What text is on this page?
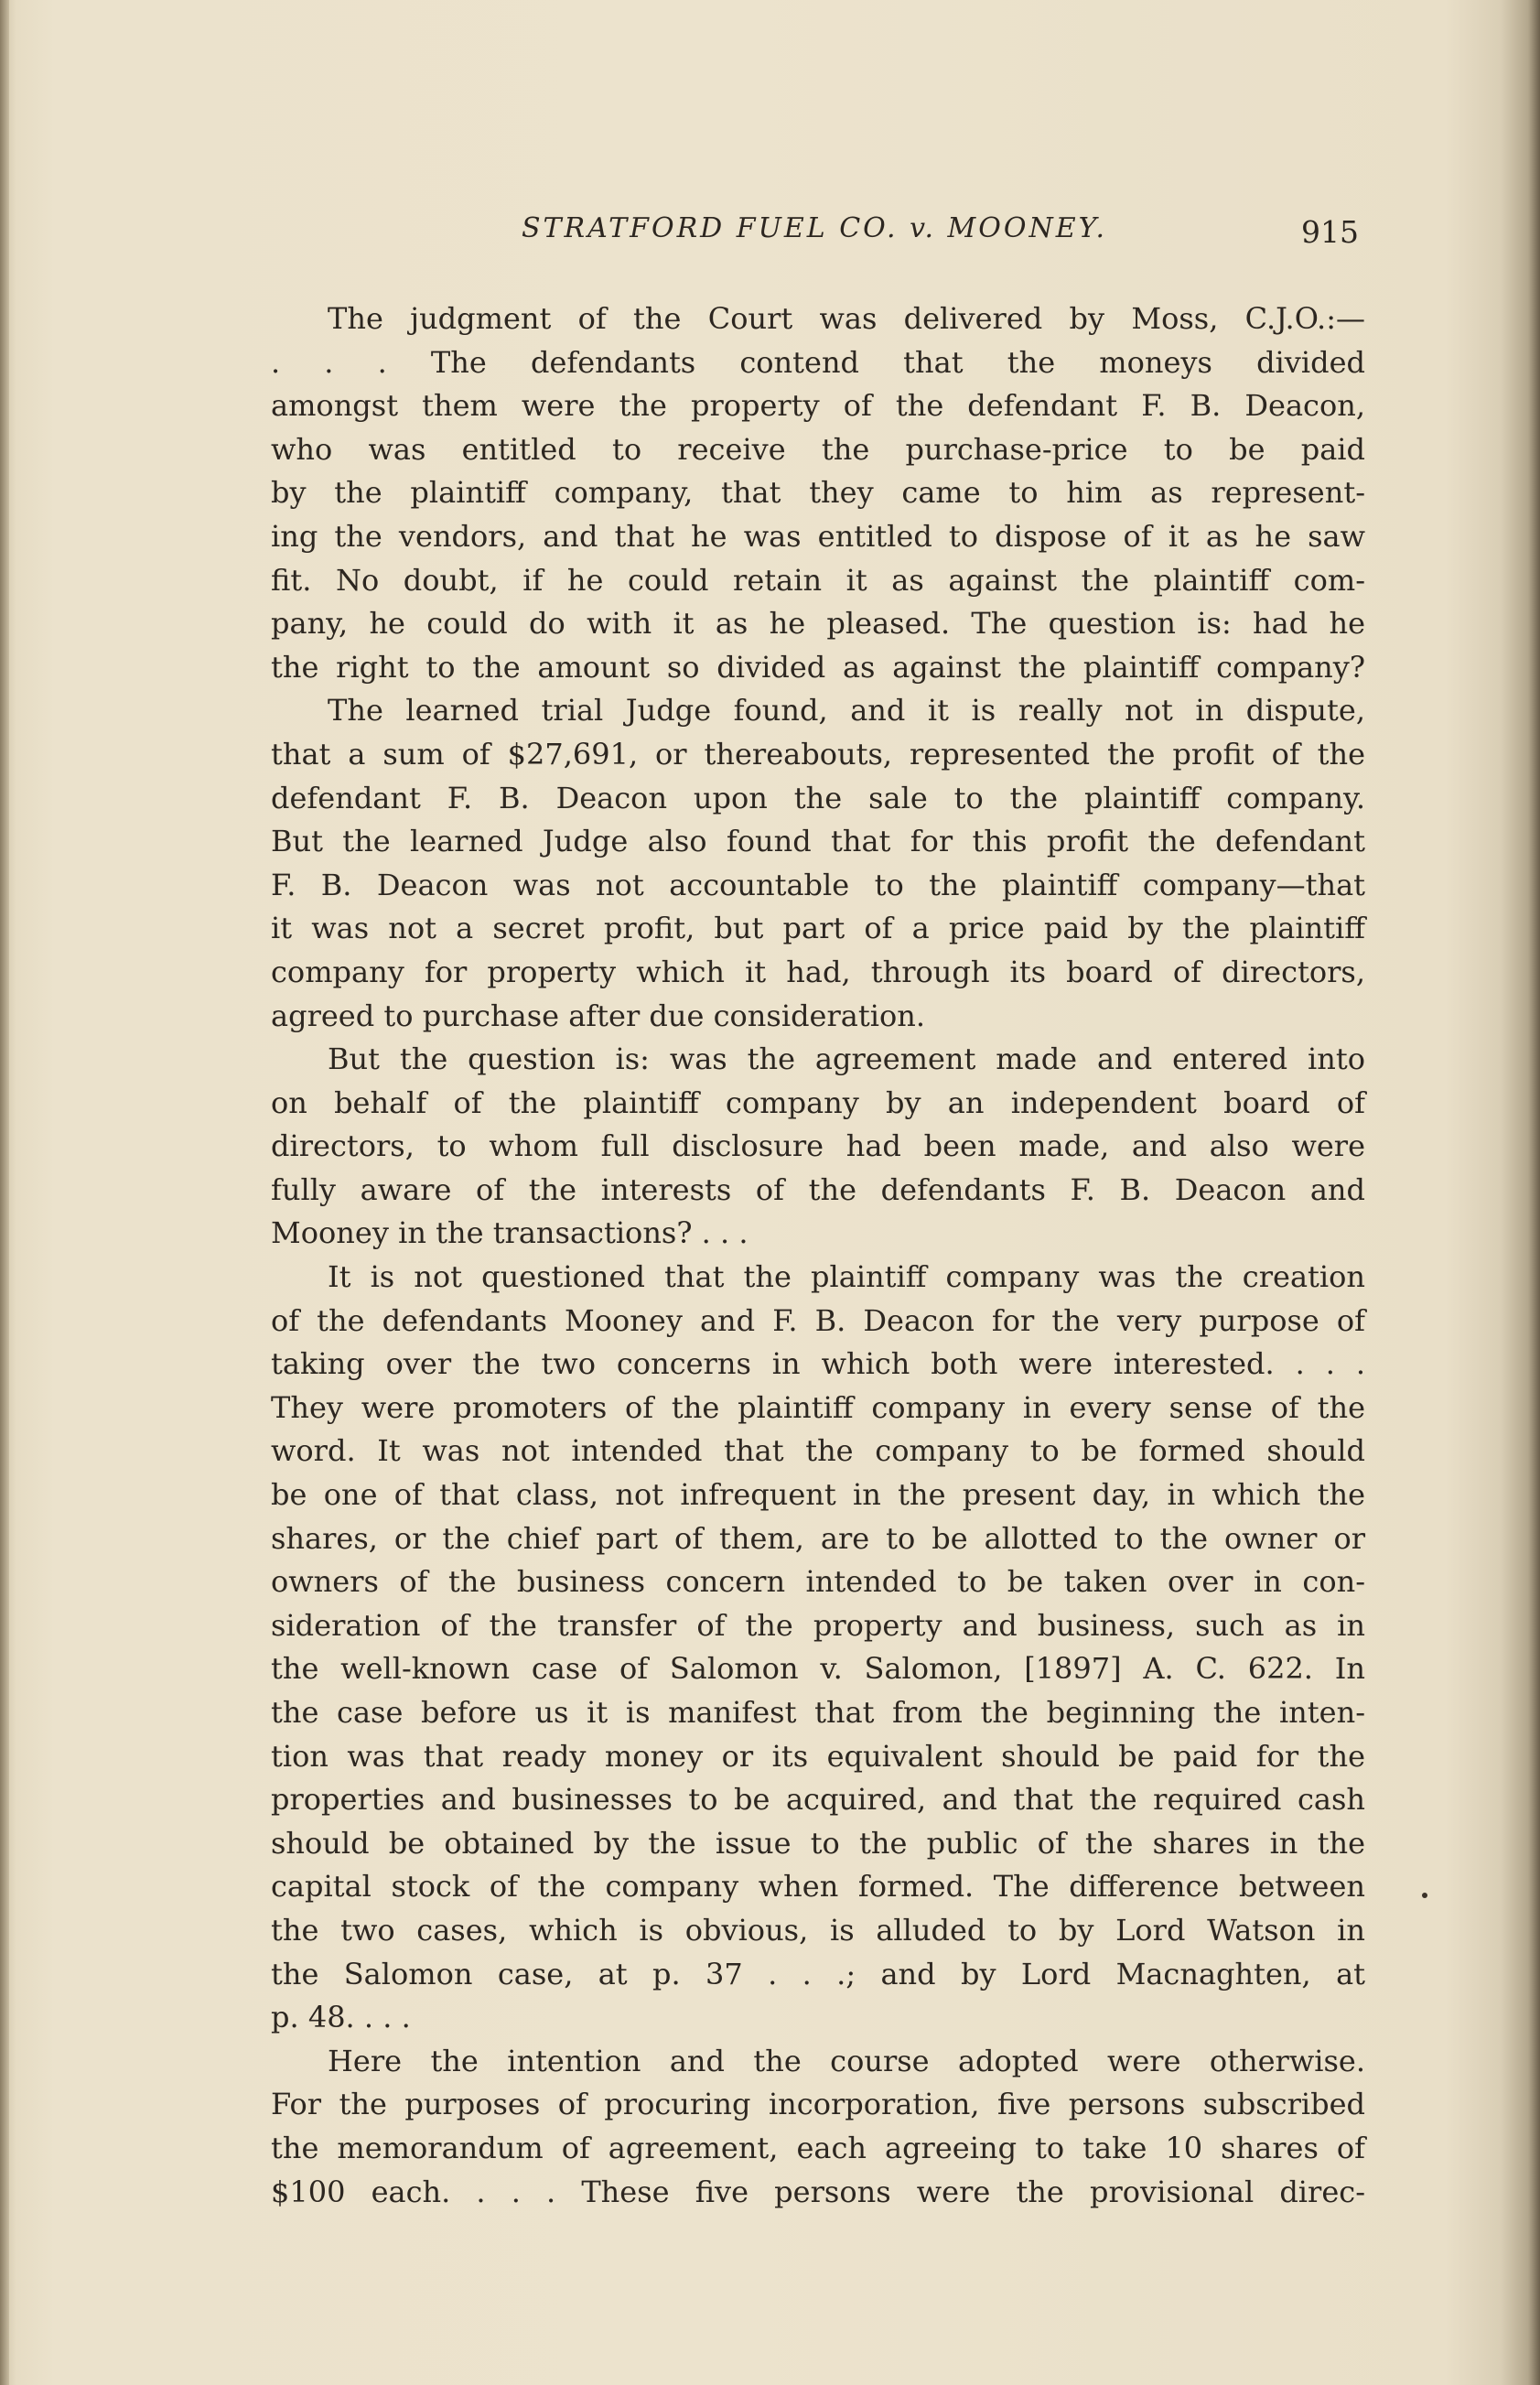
STRATFORD FUEL CO. v. MOONEY.	915
The judgment of the Court was delivered by Moss, C.J.O.:—
. . . The defendants contend that the moneys divided
amongst them were the property of the defendant F. B. Deacon,
who was entitled to receive the purchase-price to be paid
by the plaintiff company, that they came to him as represent-
ing the vendors, and that he was entitled to dispose of it as he saw
fit. No doubt, if he could retain it as against the plaintiff com-
pany, he could do with it as he pleased. The question is: had he
the right to the amount so divided as against the plaintiff company?
The learned trial Judge found, and it is really not in dispute,
that a sum of $27,691, or thereabouts, represented the profit of the
defendant F. B. Deacon upon the sale to the plaintiff company.
But the learned Judge also found that for this profit the defendant
F. B. Deacon was not accountable to the plaintiff company—that
it was not a secret profit, but part of a price paid by the plaintiff
company for property which it had, through its board of directors,
agreed to purchase after due consideration.
But the question is: was the agreement made and entered into
on behalf of the plaintiff company by an independent board of
directors, to whom full disclosure had been made, and also were
fully aware of the interests of the defendants F. B. Deacon and
Mooney in the transactions? . . .
It is not questioned that the plaintiff company was the creation
of the defendants Mooney and F. B. Deacon for the very purpose of
taking over the two concerns in which both were interested. . . .
They were promoters of the plaintiff company in every sense of the
word. It was not intended that the company to be formed should
be one of that class, not infrequent in the present day, in which the
shares, or the chief part of them, are to be allotted to the owner or
owners of the business concern intended to be taken over in con-
sideration of the transfer of the property and business, such as in
the well-known case of Salomon v. Salomon, [1897] A. C. 622. In
the case before us it is manifest that from the beginning the inten-
tion was that ready money or its equivalent should be paid for the
properties and businesses to be acquired, and that the required cash
should be obtained by the issue to the public of the shares in the
capital stock of the company when formed. The difference between
the two cases, which is obvious, is alluded to by Lord Watson in
the Salomon case, at p. 37 . . .; and by Lord Macnaghten, at
p. 48. . . .
Here the intention and the course adopted were otherwise.
For the purposes of procuring incorporation, five persons subscribed
the memorandum of agreement, each agreeing to take 10 shares of
$100 each. . . . These five persons were the provisional direc-
